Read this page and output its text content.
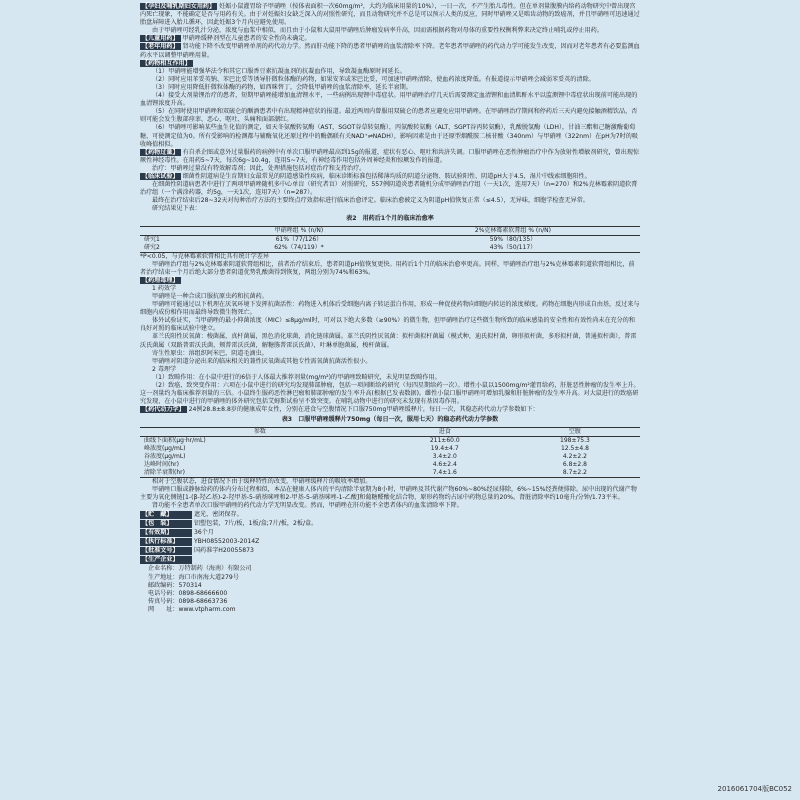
【孕妇及哺乳期妇女用药】 妊娠小鼠灌胃给予甲硝唑（按体表面积一次60mg/m²，大约为临床用量的10%），一日一次，不产生胎儿毒性。但在单剂量腹膜内给药动物研究中曾出现宫内死亡现象，不能确定是否与用药有关。由于对妊娠妇女缺乏深入的对照性研究，而且动物研究并不总是可以预示人类的反应，同时甲硝唑又是啮齿动物的致癌剂，并且甲硝唑可迅速通过胎盘屏障进入胎儿循环，因此妊娠3个月内应避免使用。

由于甲硝唑可经乳汁分泌，浓度与血浆中相似，而且由于小鼠和大鼠用甲硝唑后肿瘤发病率升高，因而需根据药物对母体的重要性权衡利弊来决定终止哺乳或停止用药。

【儿童用药】 甲硝唑缓释剂型在儿童患者的安全性尚未确定。

【老年用药】 肾功能下降不改变甲硝唑单剂的药代动力学。然而肝功能下降的患者甲硝唑的血浆清除率下降。老年患者甲硝唑的药代动力学可能发生改变，因而对老年患者有必要监测血药水平以调整甲硝唑用量。

【药物相互作用】

（1）甲硝唑能增强华法令和其它口服香豆素抗凝血剂的抗凝血作用，导致凝血酶原时间延长。

（2）同时应用苯妥英钠、苯巴比妥等诱导肝微粒体酶的药物，如果安苯或苯巴比妥，可加速甲硝唑清除，使血药浓度降低。有报道提示甲硝唑会减弱苯妥英的清除。

（3）同时应用降低肝微粒体酶的药物，如西咪替丁，会降低甲硝唑的血浆清除率，延长半衰期。

（4）接受大剂量锂治疗的患者，短期甲硝唑能增加血清锂水平，一些病例出现锂中毒症状。用甲硝唑治疗几天后需要测定血清锂和血清肌酐水平以监测锂中毒症状出现前可能出现的血清锂浓度升高。

（5）在同时使用甲硝唑和双硫仑的酗酒患者中有出现精神症状的报道。最近两周内曾服用双硫仑的患者应避免应用甲硝唑。在甲硝唑治疗期间和停药后三天内避免接触酒精饮品，否则可能会发生腹部痉挛、恶心、呕吐、头痛和面部潮红。

（6）甲硝唑可影响某些血生化值的测定，如天冬氨酸转氨酶（AST，SGOT谷草转氨酶），丙氨酸转氨酶（ALT，SGPT谷丙转氨酶），乳酸脱氢酶（LDH），甘油三酯和己糖激酶葡萄糖，可使测定值为0。所有受影响的检测都与辅酶氧化还原过程中的酶偶联有关NAD⁺⇌NADH），影响因素是由于还原型烟酰胺二核苷酸（340nm）与甲硝唑（322nm）在pH为7时的吸收峰值相似。

【药物过量】 有自杀企图或意外过量服药的病例中有单次口服甲硝唑最高到15g的报道，症状有恶心、呕吐和共济失调。口服甲硝唑在恶性肿瘤治疗中作为放射性增敏剂研究，曾出现惊厥性神经毒性。在用药5~7天，每次6g~10.4g，连用5~7天，有神经毒作用包括外周神经炎和惊厥发作的报道。

治疗：甲硝唑过量没有特效解毒剂；因此，处理措施包括对症治疗和支持治疗。

【临床试验】 细菌性阴道病是生育期妇女最常见的阴道感染性疾病，临床诊断标准包括稀薄均质的阴道分泌物、胺试验阳性、阴道pH大于4.5，湿片中线索细胞阳性。

在细菌性阴道病患者中进行了两项甲硝唑随机多中心单盲（研究者盲）对照研究，557例阴道炎患者随机分成甲硝唑治疗组（一天1次，连用7天）（n=270）和2%克林霉素阴道软膏治疗组（一个满涂药器，约5g，一天1次，连用7天）（n=287）。

最终在治疗结束后28~32天对每种治疗方法的主要终点疗效指标进行临床治愈评定。临床治愈被定义为阴道pH值恢复正常（≤4.5），无异味，细胞学检查无异常。

研究结果见下表：

表2　用药后1个月的临床治愈率
	甲硝唑组 % (n/N)	2%克林霉素软膏组 % (n/N)
研究1	61%（77/126）	59%（80/135）
研究2	62%（74/119）*	43%（50/117）

*P<0.05，与克林霉素软膏相比具有统计学差异

甲硝唑治疗组与2%克林霉素阴道软膏组相比，前者治疗结束后，患者阴道pH值恢复更快。用药后1个月的临床治愈率更高。同样，甲硝唑治疗组与2%克林霉素阴道软膏组相比，前者治疗结束一个月后绝大部分患者阴道优势乳酸菌得到恢复，两组分别为74%和63%。

【药理毒理】

1 药效学

甲硝唑是一种合成口服抗原虫药和抗菌药。

甲硝唑可能通过以下机理在厌氧环境下发挥抗菌活性：药物进入机体后受细胞内离子转运蛋白作用，形成一种促使药物向细胞内转运的浓度梯度。药物在细胞内形成自由基，反过来与细胞内成份相作用而最终导致微生物死亡。

体外试验证实，当甲硝唑的最小抑菌浓度（MIC）≤8μg/ml时，可对以下绝大多数（≥90%）的微生物，但甲硝唑治疗这些微生物所致的临床感染的安全性和有效性尚未在充分的和良好对照的临床试验中建立。

革兰氏阳性厌氧菌：梭菌属，真杆菌属，黑色消化球菌，消化链球菌属。革兰氏阴性厌氧菌：拟杆菌拟杆菌属（模式种，迪氏拟杆菌，卵形拟杆菌，多形拟杆菌，普通拟杆菌），普雷沃氏菌属（双路普雷沃氏菌，颊普雷沃氏菌，解糖胨普雷沃氏菌），叶琳单胞菌属，梭杆菌属。

寄生性原虫：溶组织阿米巴，阴道毛滴虫。

甲硝唑对阴道分泌出来的临床相关的兼性厌氧菌或其他专性需氧菌抗菌活性很小。

2 毒理学

（1）致畸作用：在小鼠中进行的6倍于人体最大推荐剂量(mg/m²)的甲硝唑致畸研究，未见明显致畸作用。

（2）致癌、致突变作用：六项在小鼠中进行的研究均发现肺部肿瘤，包括一项间断给药研究（每四星期给药一次）。增性小鼠以1500mg/m²灌胃给药，肝脏恶性肿瘤的发生率上升。这一剂量约为临床推荐剂量的三倍。小鼠终生服药恶性淋巴瘤和肺部肿瘤的发生率升高(根据已发表数据)。雌性小鼠口服甲硝唑可增加乳腺和肝脏肿瘤的发生率升高。对大鼠进行的致癌研究发现，在小鼠中进行的甲硝唑的体外研究包括艾姆斯试验呈不致突变。在哺乳动物中进行的研究未发现有基因毒作用。

【药代动力学】 24例28.8±8.8岁的健康成年女性，分别在进食与空腹情况下口服750mg甲硝唑缓释片，每日一次，其稳态药代动力学参数如下：

表3　口服甲硝唑缓释片750mg（每日一次，服用七天）的稳态药代动力学参数
参数	进食	空腹
曲线下面积(μg·hr/mL)	211±60.0	198±75.3
峰浓度(μg/mL)	19.4±4.7	12.5±4.8
谷浓度(μg/mL)	3.4±2.0	4.2±2.2
达峰时间(hr)	4.6±2.4	6.8±2.8
清除半衰期(hr)	7.4±1.6	8.7±2.2

相对于空腹状态，进食情况下由于缓释特性的改变，甲硝唑缓释片的吸收率增加。

甲硝唑口服或静脉给药的体内分布过程相似，本品在健康人体内的平均清除半衰期为8小时，甲硝唑及其代谢产物60%~80%经尿排除，6%~15%经粪便排除。尿中出现的代谢产物主要为氧化侧链[1-(β-羟乙基)-2-羟甲基-5-硝基咪唑和2-甲基-5-硝基咪唑-1-乙酸]和葡糖醛酸化结合物，原形药物约占尿中药物总量的20%。肾脏清除率约10毫升/分钟/1.73平米。

肾功能不全患者单次口服甲硝唑的药代动力学无明显改变。然而，甲硝唑在肝功能不全患者体内的血浆清除率下降。

【贮　藏】	遮光，密闭保存。

【包　装】	铝塑包装，7片/板，1板/盒;7片/板，2板/盒。

【有效期】	36个月

【执行标准】	YBH08552003-2014Z

【批准文号】	国药准字H20055873

【生产企业】

企业名称：万特制药（海南）有限公司
生产地址：海口市南海大道279号
邮政编码：570314
电话号码：0898-68666600
传真号码：0898-68663736
网　　址：www.vtpharm.com
2016061704版BC052
